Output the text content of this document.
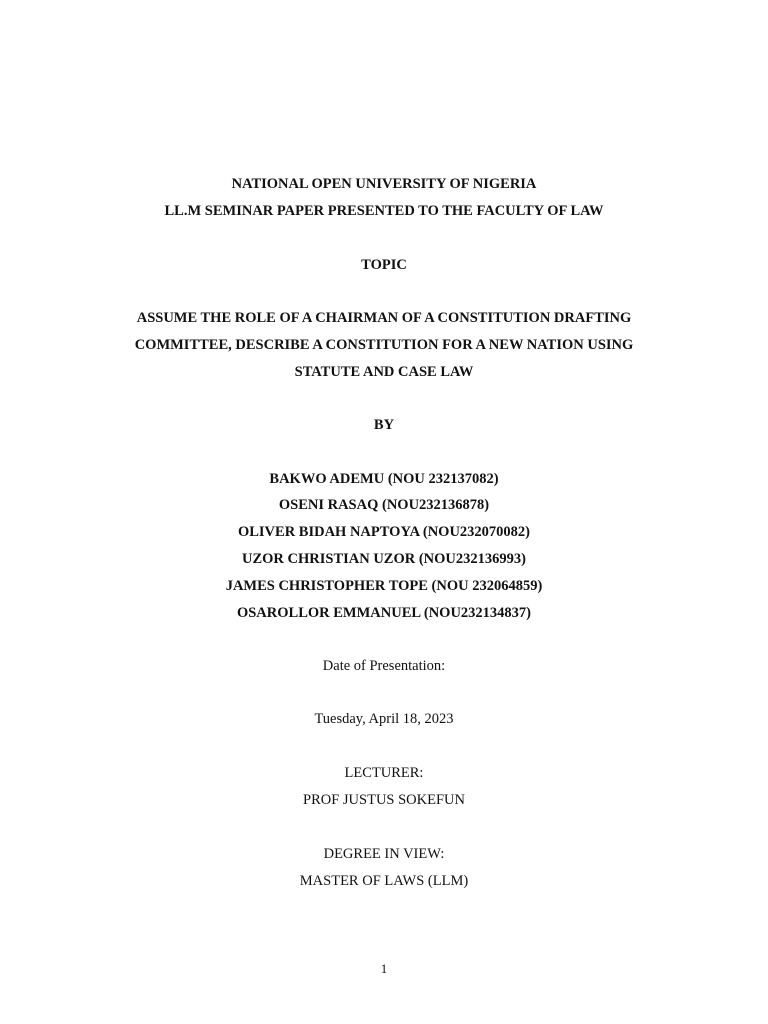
NATIONAL OPEN UNIVERSITY OF NIGERIA
LL.M SEMINAR PAPER PRESENTED TO THE FACULTY OF LAW
TOPIC
ASSUME THE ROLE OF A CHAIRMAN OF A CONSTITUTION DRAFTING
COMMITTEE, DESCRIBE A CONSTITUTION FOR A NEW NATION USING
STATUTE AND CASE LAW
BY
BAKWO ADEMU (NOU 232137082)
OSENI RASAQ (NOU232136878)
OLIVER BIDAH NAPTOYA (NOU232070082)
UZOR CHRISTIAN UZOR (NOU232136993)
JAMES CHRISTOPHER TOPE (NOU 232064859)
OSAROLLOR EMMANUEL (NOU232134837)
Date of Presentation:
Tuesday, April 18, 2023
LECTURER:
PROF JUSTUS SOKEFUN
DEGREE IN VIEW:
MASTER OF LAWS (LLM)
1
